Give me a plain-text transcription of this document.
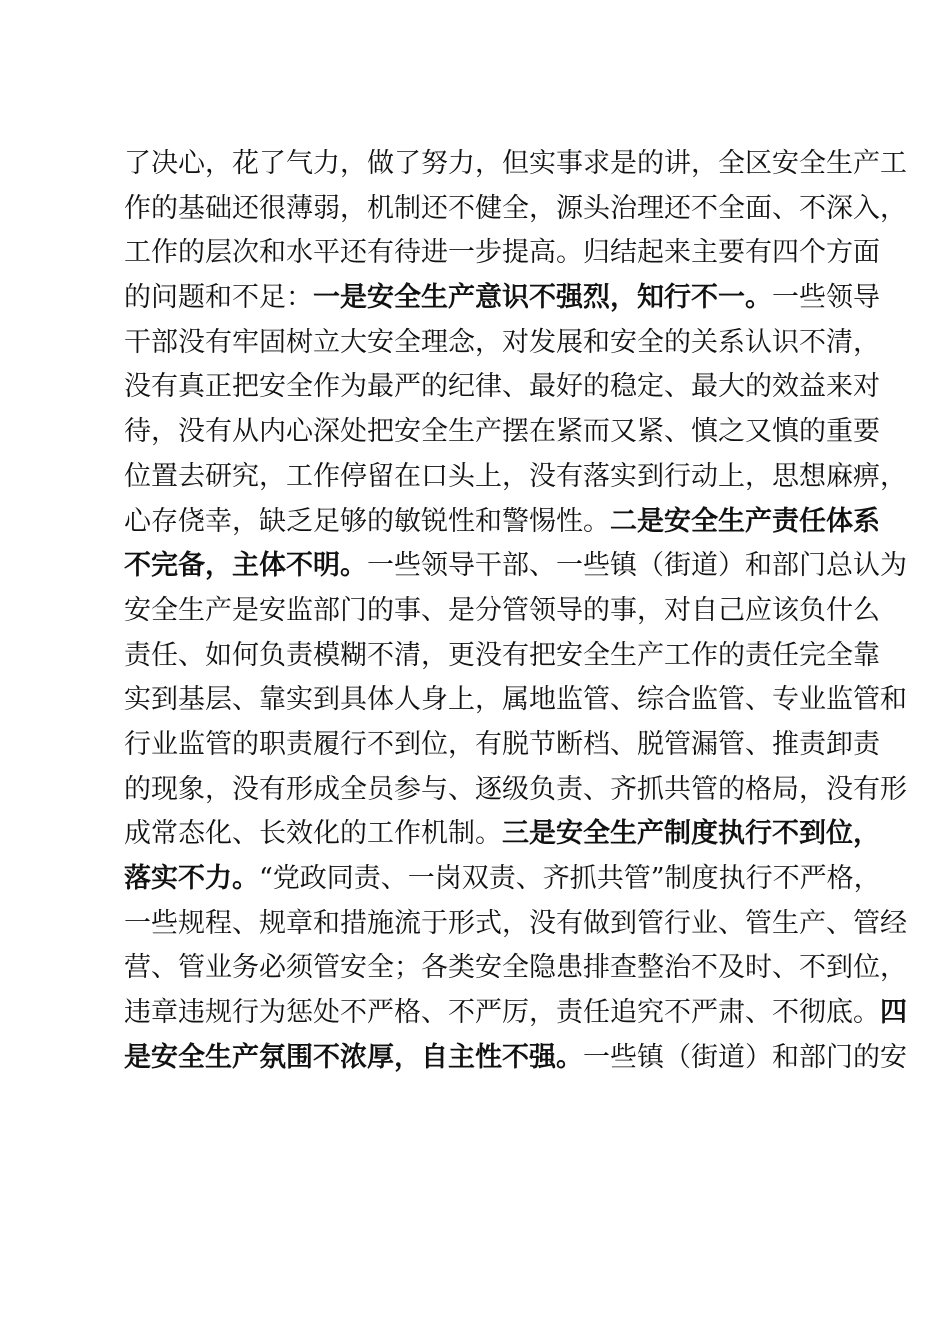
了决心，花了气力，做了努力，但实事求是的讲，全区安全生产工
作的基础还很薄弱，机制还不健全，源头治理还不全面、不深入，
工作的层次和水平还有待进一步提高。归结起来主要有四个方面
的问题和不足：一是安全生产意识不强烈，知行不一。一些领导
干部没有牢固树立大安全理念，对发展和安全的关系认识不清，
没有真正把安全作为最严的纪律、最好的稳定、最大的效益来对
待，没有从内心深处把安全生产摆在紧而又紧、慎之又慎的重要
位置去研究，工作停留在口头上，没有落实到行动上，思想麻痹，
心存侥幸，缺乏足够的敏锐性和警惕性。二是安全生产责任体系
不完备，主体不明。一些领导干部、一些镇（街道）和部门总认为
安全生产是安监部门的事、是分管领导的事，对自己应该负什么
责任、如何负责模糊不清，更没有把安全生产工作的责任完全靠
实到基层、靠实到具体人身上，属地监管、综合监管、专业监管和
行业监管的职责履行不到位，有脱节断档、脱管漏管、推责卸责
的现象，没有形成全员参与、逐级负责、齐抓共管的格局，没有形
成常态化、长效化的工作机制。三是安全生产制度执行不到位，
落实不力。“党政同责、一岗双责、齐抓共管”制度执行不严格，
一些规程、规章和措施流于形式，没有做到管行业、管生产、管经
营、管业务必须管安全；各类安全隐患排查整治不及时、不到位，
违章违规行为惩处不严格、不严厉，责任追究不严肃、不彻底。四
是安全生产氛围不浓厚，自主性不强。一些镇（街道）和部门的安
